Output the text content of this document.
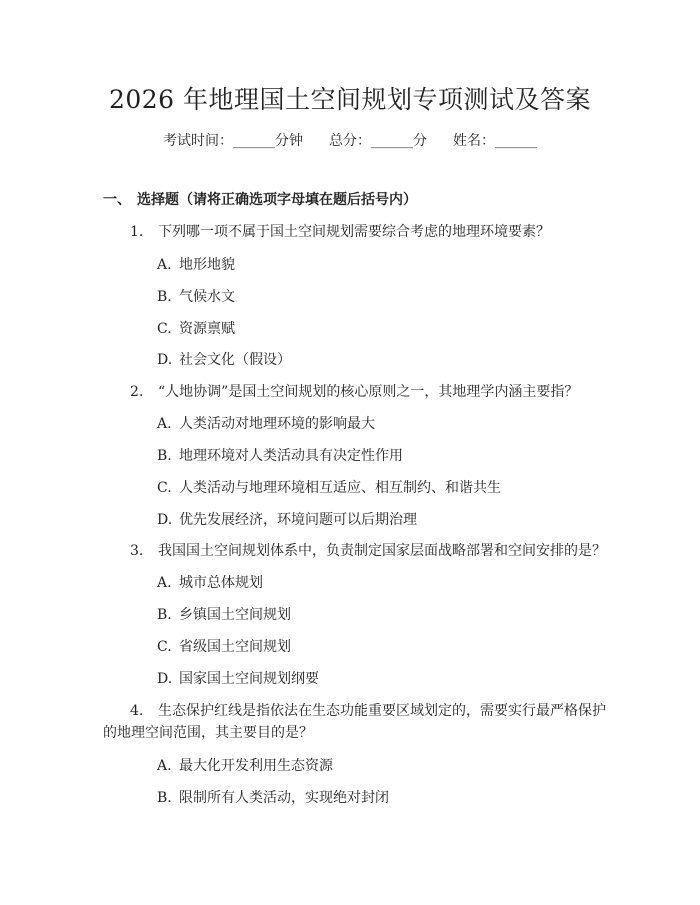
2026 年地理国土空间规划专项测试及答案
考试时间：______分钟 总分：______分 姓名：______
一、 选择题（请将正确选项字母填在题后括号内）
1. 下列哪一项不属于国土空间规划需要综合考虑的地理环境要素？
A. 地形地貌
B. 气候水文
C. 资源禀赋
D. 社会文化（假设）
2. “人地协调”是国土空间规划的核心原则之一，其地理学内涵主要指？
A. 人类活动对地理环境的影响最大
B. 地理环境对人类活动具有决定性作用
C. 人类活动与地理环境相互适应、相互制约、和谐共生
D. 优先发展经济，环境问题可以后期治理
3. 我国国土空间规划体系中，负责制定国家层面战略部署和空间安排的是？
A. 城市总体规划
B. 乡镇国土空间规划
C. 省级国土空间规划
D. 国家国土空间规划纲要
4. 生态保护红线是指依法在生态功能重要区域划定的，需要实行最严格保护
的地理空间范围，其主要目的是？
A. 最大化开发利用生态资源
B. 限制所有人类活动，实现绝对封闭
